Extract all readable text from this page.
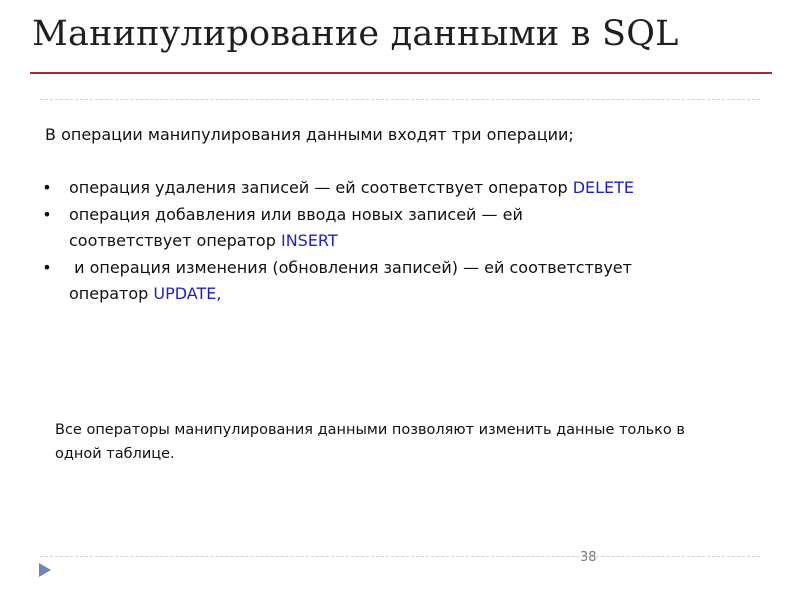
Манипулирование данными в SQL
В операции манипулирования данными входят три операции;
• операция удаления записей — ей соответствует оператор DELETE
• операция добавления или ввода новых записей — ей соответствует оператор INSERT
• и операция изменения (обновления записей) — ей соответствует оператор UPDATE,
Все операторы манипулирования данными позволяют изменить данные только в одной таблице.
38
